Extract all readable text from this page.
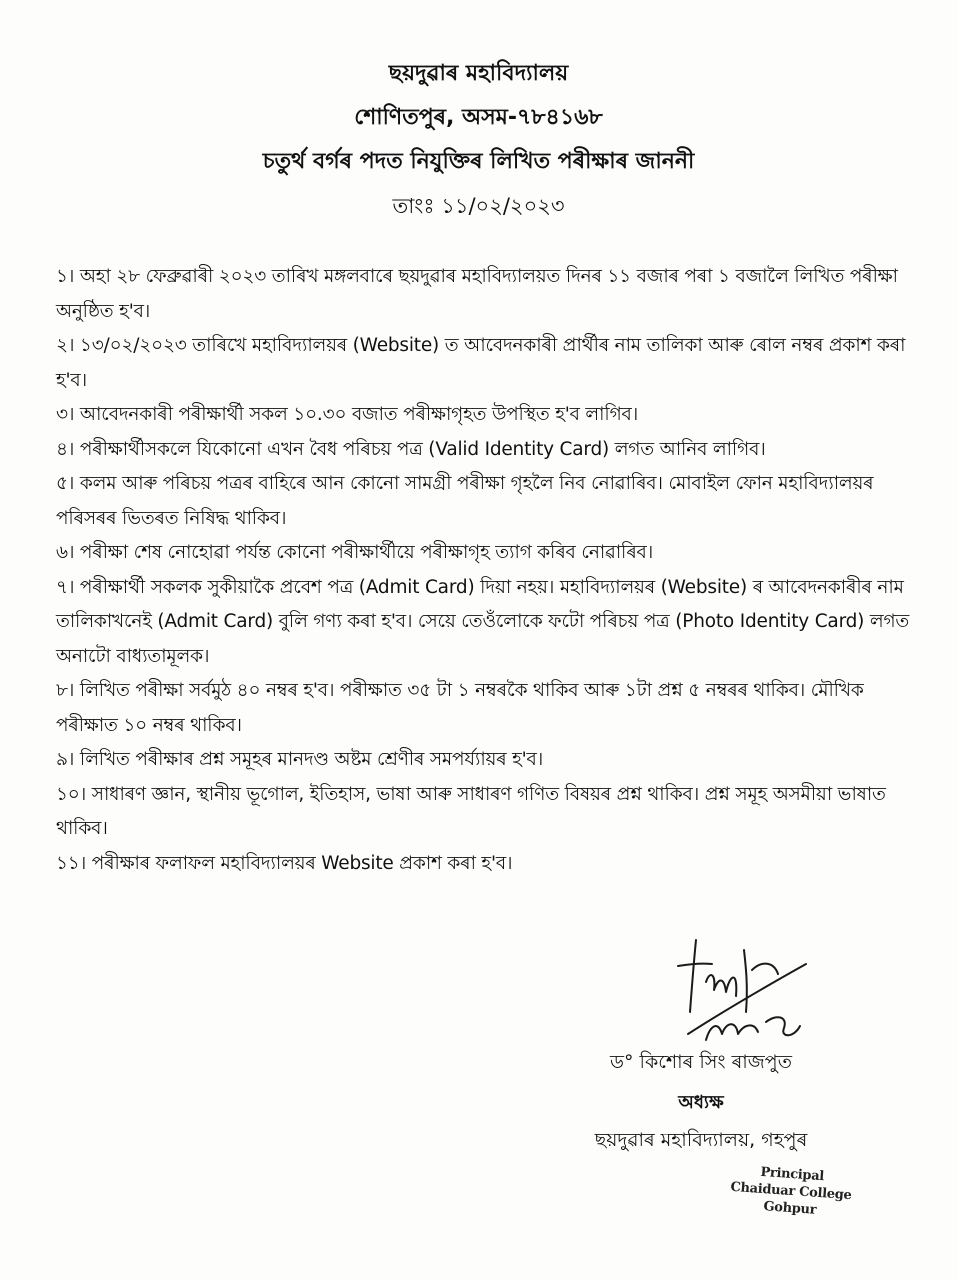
ছয়দুৱাৰ মহাবিদ্যালয়
শোণিতপুৰ, অসম-৭৮৪১৬৮
চতুৰ্থ বৰ্গৰ পদত নিযুক্তিৰ লিখিত পৰীক্ষাৰ জাননী
তাংঃ ১১/০২/২০২৩
১। অহা ২৮ ফেব্ৰুৱাৰী ২০২৩ তাৰিখ মঙ্গলবাৰে ছয়দুৱাৰ মহাবিদ্যালয়ত দিনৰ ১১ বজাৰ পৰা ১ বজালৈ লিখিত পৰীক্ষা অনুষ্ঠিত হ'ব।
২। ১৩/০২/২০২৩ তাৰিখে মহাবিদ্যালয়ৰ (Website) ত আবেদনকাৰী প্ৰাৰ্থীৰ নাম তালিকা আৰু ৰোল নম্বৰ প্ৰকাশ কৰা হ'ব।
৩। আবেদনকাৰী পৰীক্ষাৰ্থী সকল ১০.৩০ বজাত পৰীক্ষাগৃহত উপস্থিত হ'ব লাগিব।
৪। পৰীক্ষাৰ্থীসকলে যিকোনো এখন বৈধ পৰিচয় পত্ৰ (Valid Identity Card) লগত আনিব লাগিব।
৫। কলম আৰু পৰিচয় পত্ৰৰ বাহিৰে আন কোনো সামগ্ৰী পৰীক্ষা গৃহলৈ নিব নোৱাৰিব। মোবাইল ফোন মহাবিদ্যালয়ৰ পৰিসৰৰ ভিতৰত নিষিদ্ধ থাকিব।
৬। পৰীক্ষা শেষ নোহোৱা পৰ্যন্ত কোনো পৰীক্ষাৰ্থীয়ে পৰীক্ষাগৃহ ত্যাগ কৰিব নোৱাৰিব।
৭। পৰীক্ষাৰ্থী সকলক সুকীয়াকৈ প্ৰবেশ পত্ৰ (Admit Card) দিয়া নহয়। মহাবিদ্যালয়ৰ (Website) ৰ আবেদনকাৰীৰ নাম তালিকাখনেই (Admit Card) বুলি গণ্য কৰা হ'ব। সেয়ে তেওঁলোকে ফটো পৰিচয় পত্ৰ (Photo Identity Card) লগত অনাটো বাধ্যতামূলক।
৮। লিখিত পৰীক্ষা সৰ্বমুঠ ৪০ নম্বৰ হ'ব। পৰীক্ষাত ৩৫ টা ১ নম্বৰকৈ থাকিব আৰু ১টা প্ৰশ্ন ৫ নম্বৰৰ থাকিব। মৌখিক পৰীক্ষাত ১০ নম্বৰ থাকিব।
৯। লিখিত পৰীক্ষাৰ প্ৰশ্ন সমূহৰ মানদণ্ড অষ্টম শ্ৰেণীৰ সমপৰ্য্যায়ৰ হ'ব।
১০। সাধাৰণ জ্ঞান, স্থানীয় ভূগোল, ইতিহাস, ভাষা আৰু সাধাৰণ গণিত বিষয়ৰ প্ৰশ্ন থাকিব। প্ৰশ্ন সমূহ অসমীয়া ভাষাত থাকিব।
১১। পৰীক্ষাৰ ফলাফল মহাবিদ্যালয়ৰ Website প্ৰকাশ কৰা হ'ব।
ড° কিশোৰ সিং ৰাজপুত
অধ্যক্ষ
ছয়দুৱাৰ মহাবিদ্যালয়, গহপুৰ
Principal
Chaiduar College
Gohpur
